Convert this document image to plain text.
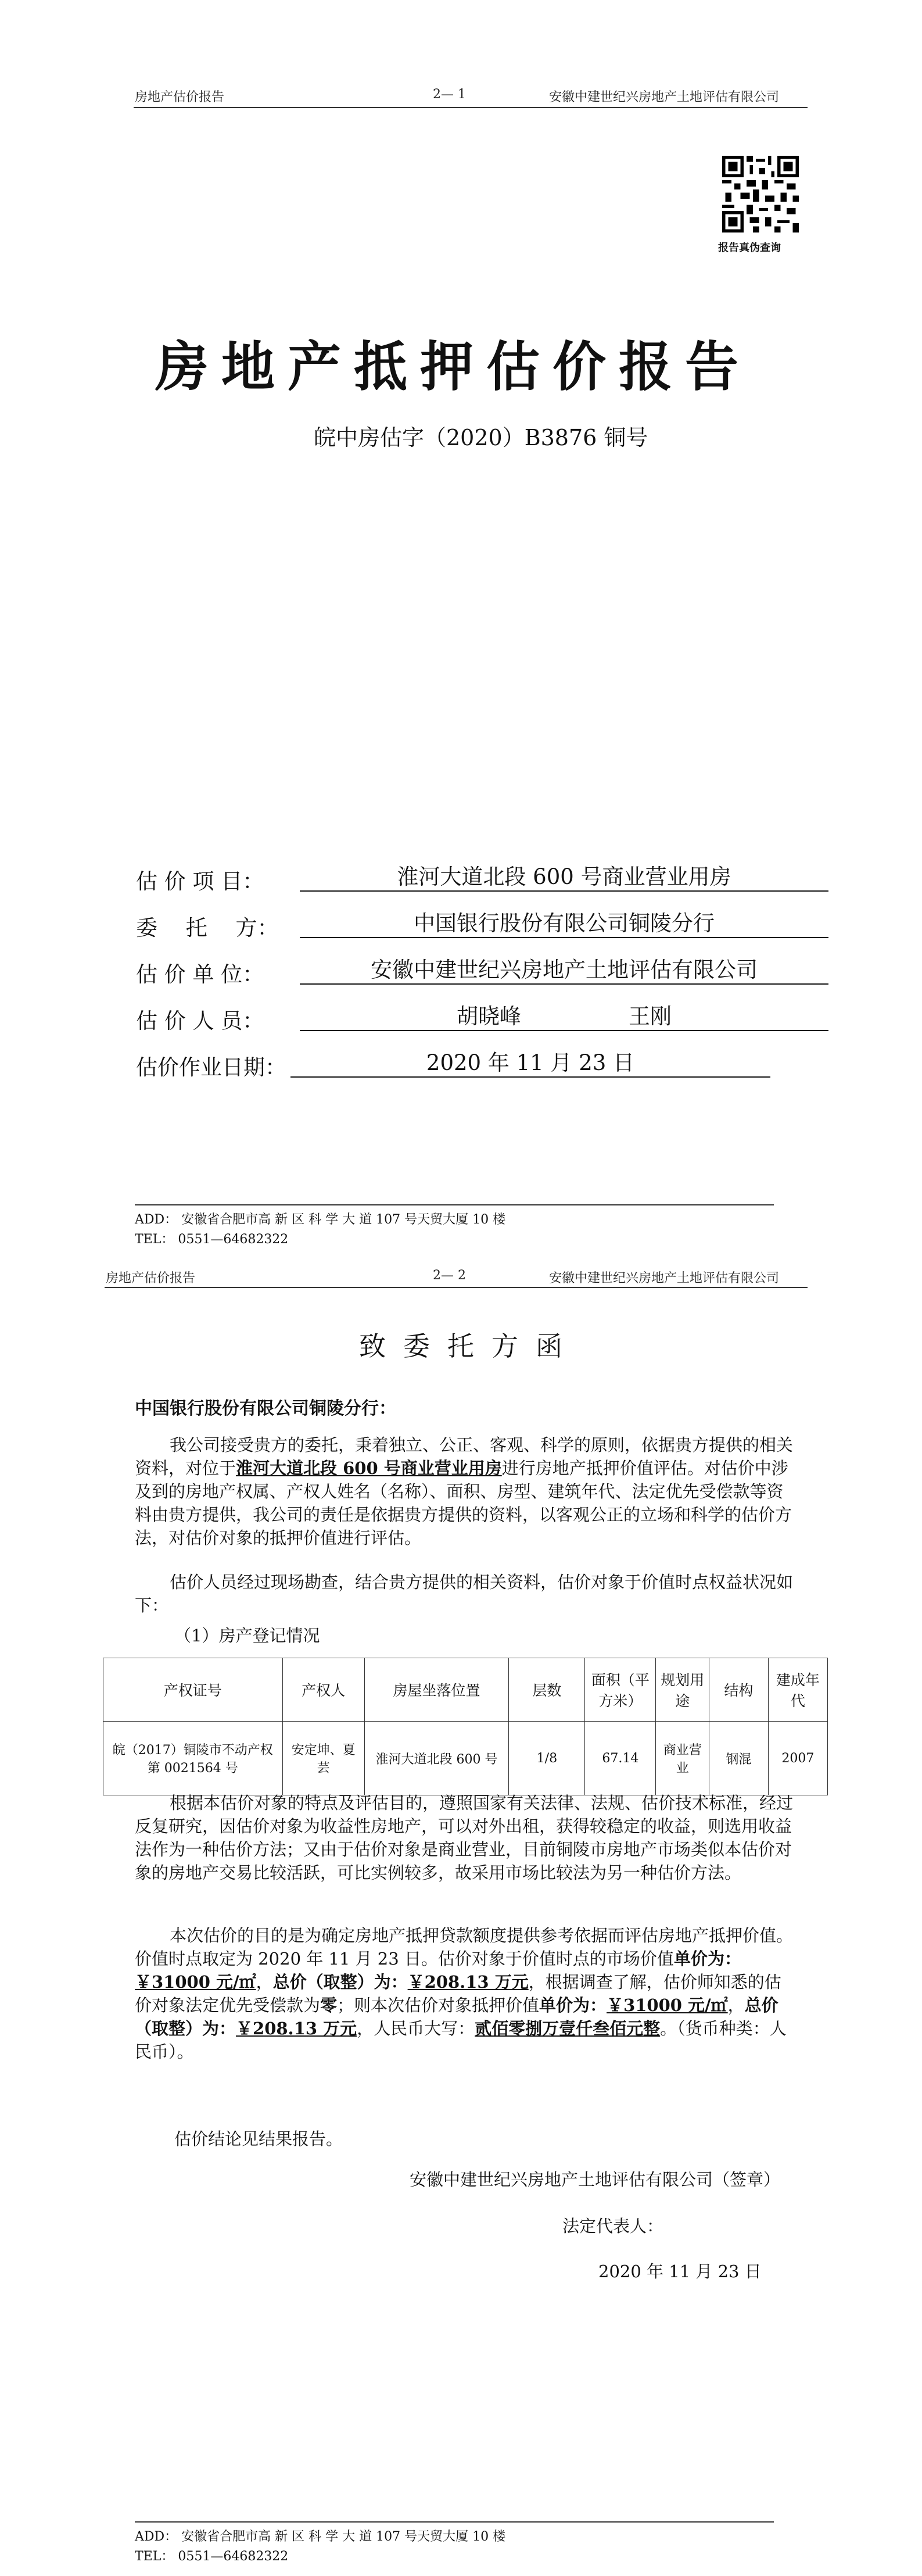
房地产估价报告	2— 1	安徽中建世纪兴房地产土地评估有限公司
报告真伪查询
房地产抵押估价报告
皖中房估字（2020）B3876 铜号
估 价 项 目：	淮河大道北段 600 号商业营业用房
委　 托　 方：	中国银行股份有限公司铜陵分行
估 价 单 位：	安徽中建世纪兴房地产土地评估有限公司
估 价 人 员：	胡晓峰　　　　　王刚
估价作业日期：	2020 年 11 月 23 日
ADD： 安徽省合肥市高 新 区 科 学 大 道 107 号天贸大厦 10 楼
TEL： 0551—64682322
房地产估价报告	2— 2	安徽中建世纪兴房地产土地评估有限公司
致委托方函
中国银行股份有限公司铜陵分行：
我公司接受贵方的委托，秉着独立、公正、客观、科学的原则，依据贵方提供的相关资料，对位于淮河大道北段 600 号商业营业用房进行房地产抵押价值评估。对估价中涉及到的房地产权属、产权人姓名（名称）、面积、房型、建筑年代、法定优先受偿款等资料由贵方提供，我公司的责任是依据贵方提供的资料，以客观公正的立场和科学的估价方法，对估价对象的抵押价值进行评估。
估价人员经过现场勘查，结合贵方提供的相关资料，估价对象于价值时点权益状况如下：
（1）房产登记情况
产权证号	产权人	房屋坐落位置	层数	面积（平方米）	规划用途	结构	建成年代
皖（2017）铜陵市不动产权第 0021564 号	安定坤、夏芸	淮河大道北段 600 号	1/8	67.14	商业营业	钢混	2007
根据本估价对象的特点及评估目的，遵照国家有关法律、法规、估价技术标准，经过反复研究，因估价对象为收益性房地产，可以对外出租，获得较稳定的收益，则选用收益法作为一种估价方法；又由于估价对象是商业营业，目前铜陵市房地产市场类似本估价对象的房地产交易比较活跃，可比实例较多，故采用市场比较法为另一种估价方法。
本次估价的目的是为确定房地产抵押贷款额度提供参考依据而评估房地产抵押价值。价值时点取定为 2020 年 11 月 23 日。估价对象于价值时点的市场价值单价为：￥31000 元/㎡，总价（取整）为：￥208.13 万元，根据调查了解，估价师知悉的估价对象法定优先受偿款为零；则本次估价对象抵押价值单价为：￥31000 元/㎡，总价（取整）为：￥208.13 万元，人民币大写：贰佰零捌万壹仟叁佰元整。（货币种类：人民币）。
估价结论见结果报告。
安徽中建世纪兴房地产土地评估有限公司（签章）
法定代表人：
2020 年 11 月 23 日
ADD： 安徽省合肥市高 新 区 科 学 大 道 107 号天贸大厦 10 楼
TEL： 0551—64682322
